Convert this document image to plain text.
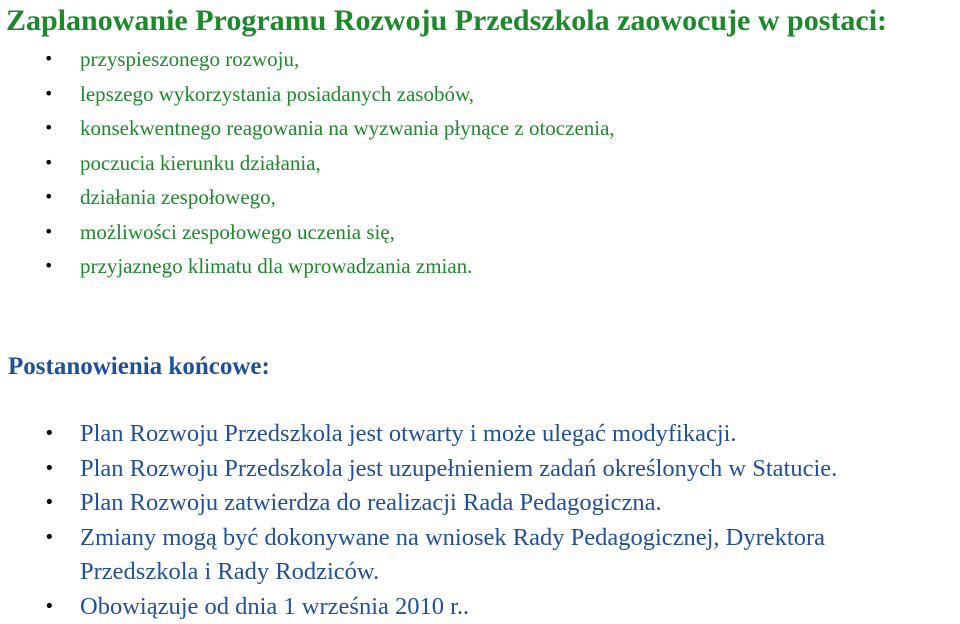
Zaplanowanie Programu Rozwoju Przedszkola zaowocuje w postaci:
• przyspieszonego rozwoju,
• lepszego wykorzystania posiadanych zasobów,
• konsekwentnego reagowania na wyzwania płynące z otoczenia,
• poczucia kierunku działania,
• działania zespołowego,
• możliwości zespołowego uczenia się,
• przyjaznego klimatu dla wprowadzania zmian.
Postanowienia końcowe:
• Plan Rozwoju Przedszkola jest otwarty i może ulegać modyfikacji.
• Plan Rozwoju Przedszkola jest uzupełnieniem zadań określonych w Statucie.
• Plan Rozwoju zatwierdza do realizacji Rada Pedagogiczna.
• Zmiany mogą być dokonywane na wniosek Rady Pedagogicznej, Dyrektora
Przedszkola i Rady Rodziców.
• Obowiązuje od dnia 1 września 2010 r..
